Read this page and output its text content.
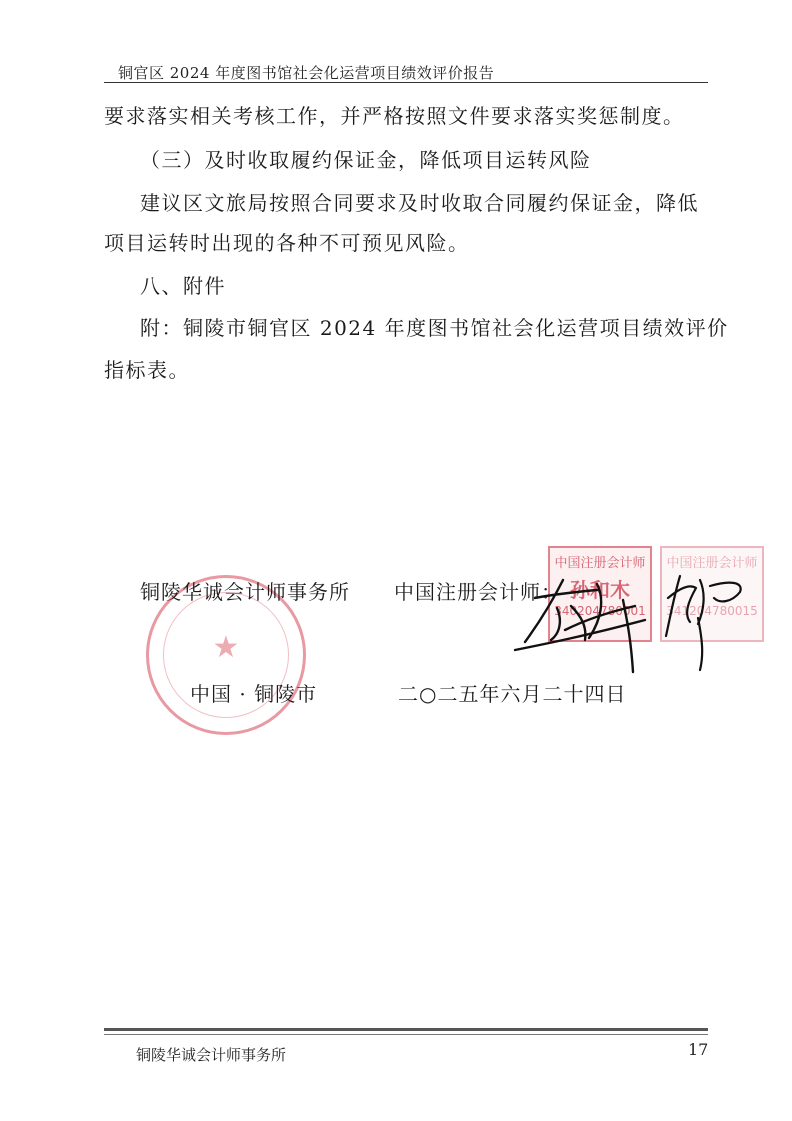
铜官区 2024 年度图书馆社会化运营项目绩效评价报告
要求落实相关考核工作，并严格按照文件要求落实奖惩制度。
（三）及时收取履约保证金，降低项目运转风险
建议区文旅局按照合同要求及时收取合同履约保证金，降低
项目运转时出现的各种不可预见风险。
八、附件
附：铜陵市铜官区 2024 年度图书馆社会化运营项目绩效评价
指标表。
★
中国注册会计师
孙和木
340204780001
中国注册会计师
341204780015
铜陵华诚会计师事务所 中国注册会计师：
中国 · 铜陵市	二○二五年六月二十四日
铜陵华诚会计师事务所	17
